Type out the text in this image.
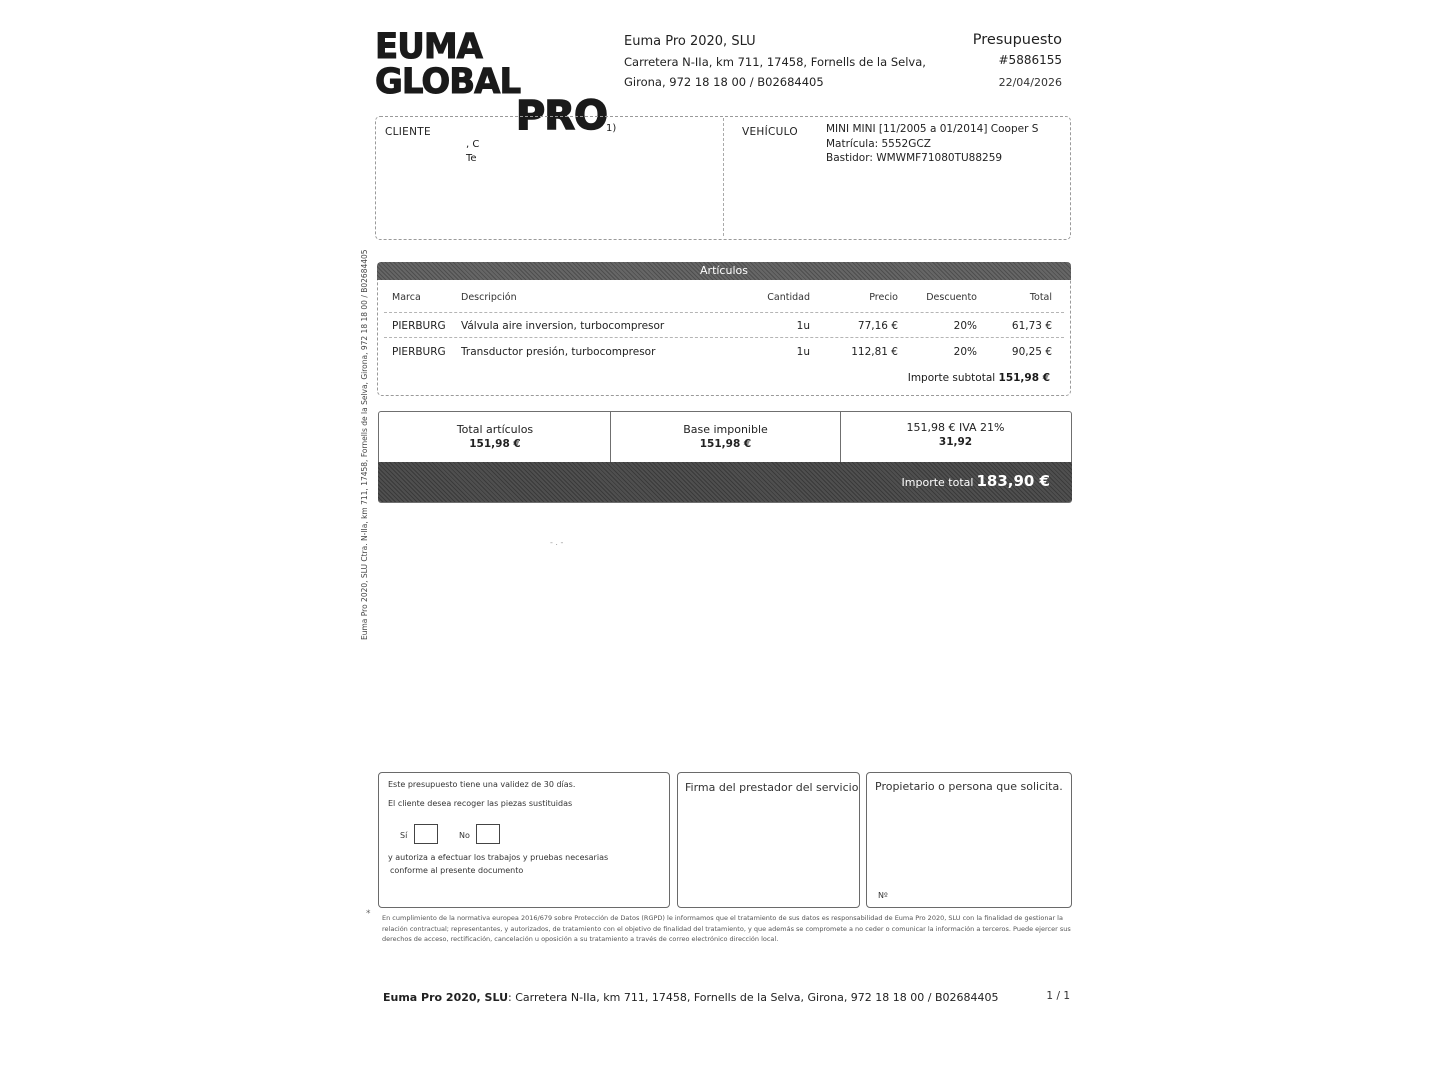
EUMA GLOBAL
PRO
Euma Pro 2020, SLU
Carretera N-IIa, km 711, 17458, Fornells de la Selva,
Girona, 972 18 18 00 / B02684405
Presupuesto
#5886155
22/04/2026
Euma Pro 2020, SLU Ctra. N-IIa, km 711, 17458, Fornells de la Selva, Girona, 972 18 18 00 / B02684405
CLIENTE	1)
, C
Te
VEHÍCULO	MINI MINI [11/2005 a 01/2014] Cooper S
Matrícula: 5552GCZ
Bastidor: WMWMF71080TU88259
Artículos
Marca	Descripción	Cantidad	Precio	Descuento	Total
PIERBURG Válvula aire inversion, turbocompresor	1u	77,16 €	20%	61,73 €
PIERBURG Transductor presión, turbocompresor	1u	112,81 €	20%	90,25 €
Importe subtotal 151,98 €
Total artículos
151,98 €
Base imponible
151,98 €
151,98 € IVA 21%
31,92
Importe total 183,90 €
- . -
Este presupuesto tiene una validez de 30 días.
El cliente desea recoger las piezas sustituidas
Sí	No
y autoriza a efectuar los trabajos y pruebas necesarias
conforme al presente documento
Firma del prestador del servicio Propietario o persona que solicita.
Nº
* En cumplimiento de la normativa europea 2016/679 sobre Protección de Datos (RGPD) le informamos que el tratamiento de sus datos es responsabilidad de Euma Pro 2020, SLU con la finalidad de gestionar la relación contractual; representantes, y autorizados, de tratamiento con el objetivo de finalidad del tratamiento, y que además se compromete a no ceder o comunicar la información a terceros. Puede ejercer sus derechos de acceso, rectificación, cancelación u oposición a su tratamiento a través de correo electrónico dirección local.
Euma Pro 2020, SLU: Carretera N-IIa, km 711, 17458, Fornells de la Selva, Girona, 972 18 18 00 / B02684405	1 / 1
